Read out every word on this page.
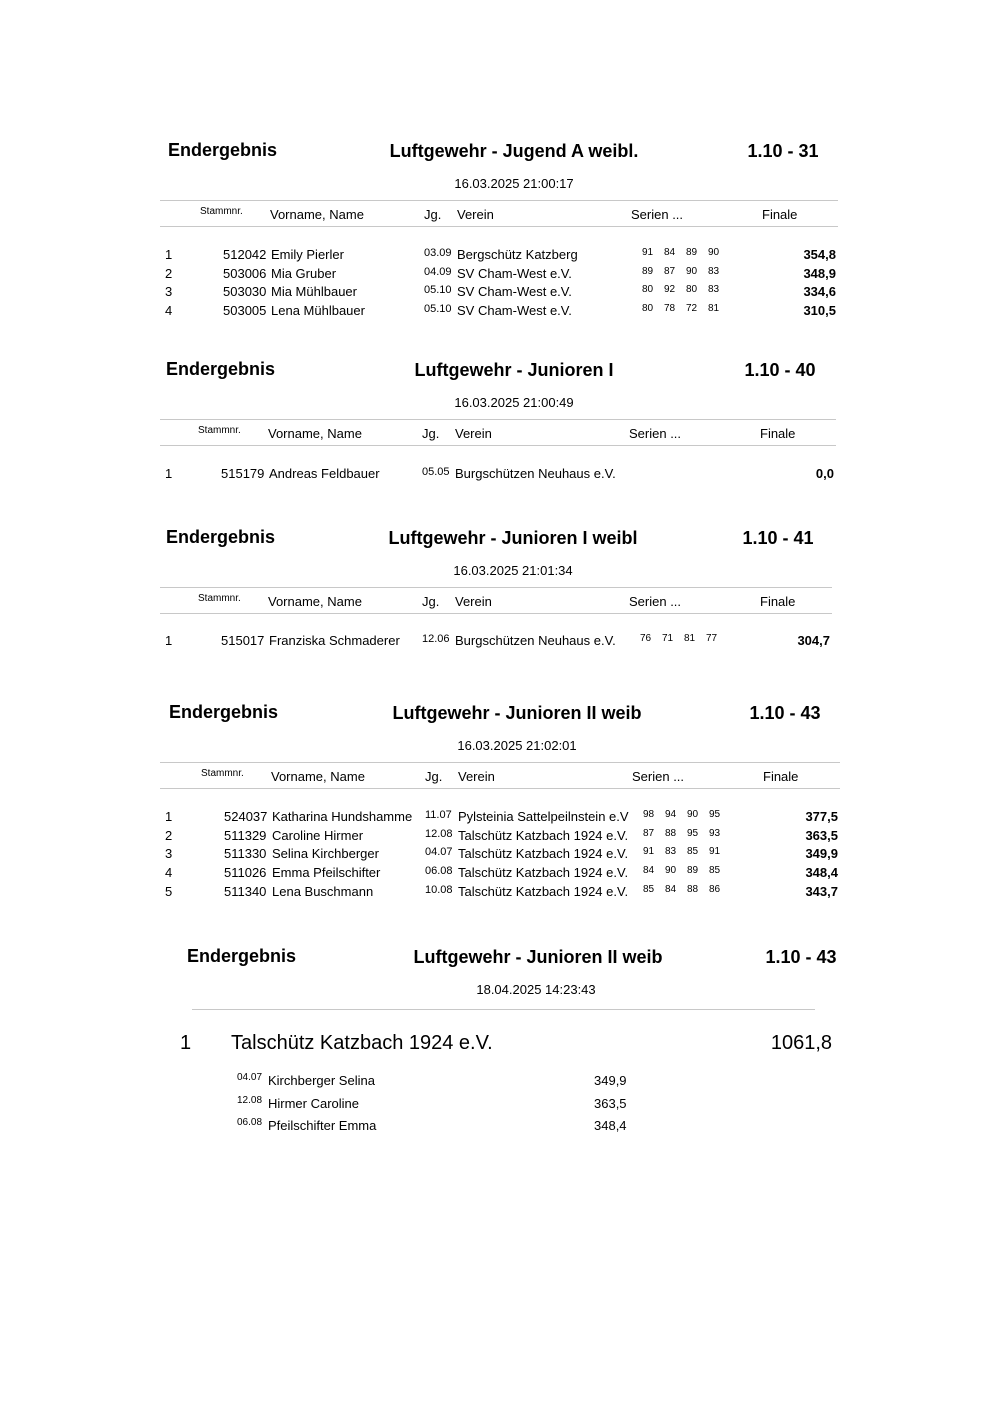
Endergebnis	Luftgewehr - Jugend A weibl.	1.10 - 31
16.03.2025 21:00:17
Stammnr. Vorname, Name	Jg. Verein	Serien ...	Finale
1	512042 Emily Pierler	03.09 Bergschütz Katzberg	91 84 89 90	354,8
2	503006 Mia Gruber	04.09 SV Cham-West e.V.	89 87 90 83	348,9
3	503030 Mia Mühlbauer	05.10 SV Cham-West e.V.	80 92 80 83	334,6
4	503005 Lena Mühlbauer	05.10 SV Cham-West e.V.	80 78 72 81	310,5
Endergebnis	Luftgewehr - Junioren I	1.10 - 40
16.03.2025 21:00:49
Stammnr. Vorname, Name	Jg. Verein	Serien ...	Finale
1	515179 Andreas Feldbauer	05.05 Burgschützen Neuhaus e.V.	0,0
Endergebnis	Luftgewehr - Junioren I weibl	1.10 - 41
16.03.2025 21:01:34
Stammnr. Vorname, Name	Jg. Verein	Serien ...	Finale
1	515017 Franziska Schmaderer 12.06 Burgschützen Neuhaus e.V. 76 71 81 77	304,7
Endergebnis	Luftgewehr - Junioren II weib	1.10 - 43
16.03.2025 21:02:01
Stammnr. Vorname, Name	Jg. Verein	Serien ...	Finale
1	524037 Katharina Hundshamme 11.07 Pylsteinia Sattelpeilnstein e.V 98 94 90 95	377,5
2	511329 Caroline Hirmer	12.08 Talschütz Katzbach 1924 e.V. 87 88 95 93	363,5
3	511330 Selina Kirchberger	04.07 Talschütz Katzbach 1924 e.V. 91 83 85 91	349,9
4	511026 Emma Pfeilschifter	06.08 Talschütz Katzbach 1924 e.V. 84 90 89 85	348,4
5	511340 Lena Buschmann	10.08 Talschütz Katzbach 1924 e.V. 85 84 88 86	343,7
Endergebnis	Luftgewehr - Junioren II weib	1.10 - 43
18.04.2025 14:23:43
1 Talschütz Katzbach 1924 e.V.	1061,8
04.07 Kirchberger Selina	349,9
12.08 Hirmer Caroline	363,5
06.08 Pfeilschifter Emma	348,4
